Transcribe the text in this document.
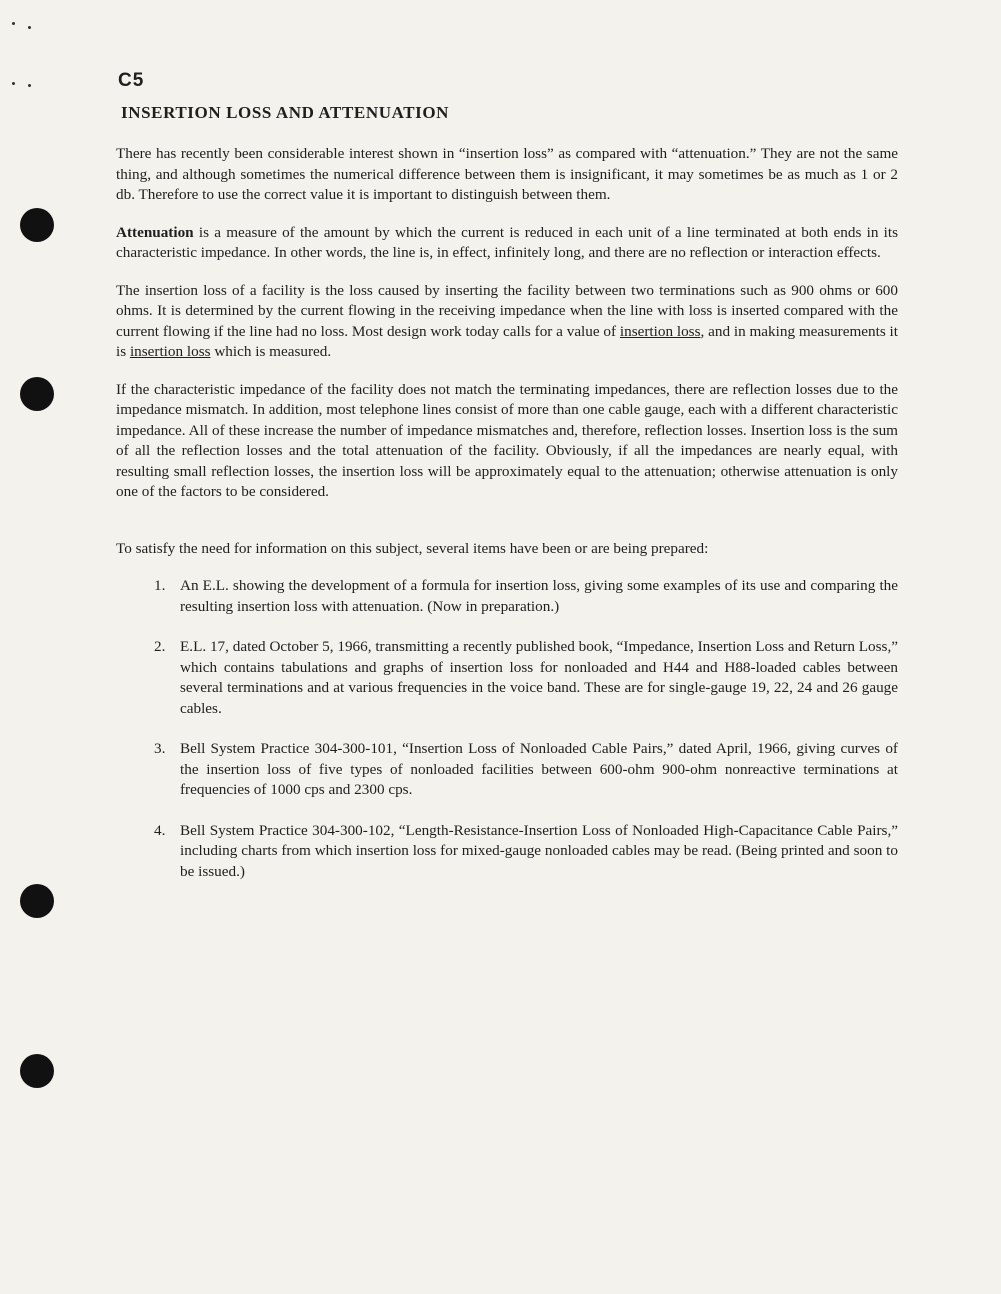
C5
INSERTION LOSS AND ATTENUATION

There has recently been considerable interest shown in “insertion loss” as compared with “attenuation.” They are not the same thing, and although sometimes the numerical difference between them is insignificant, it may sometimes be as much as 1 or 2 db. Therefore to use the correct value it is important to distinguish between them.

Attenuation is a measure of the amount by which the current is reduced in each unit of a line terminated at both ends in its characteristic impedance. In other words, the line is, in effect, infinitely long, and there are no reflection or interaction effects.

The insertion loss of a facility is the loss caused by inserting the facility between two terminations such as 900 ohms or 600 ohms. It is determined by the current flowing in the receiving impedance when the line with loss is inserted compared with the current flowing if the line had no loss. Most design work today calls for a value of insertion loss, and in making measurements it is insertion loss which is measured.

If the characteristic impedance of the facility does not match the terminating impedances, there are reflection losses due to the impedance mismatch. In addition, most telephone lines consist of more than one cable gauge, each with a different characteristic impedance. All of these increase the number of impedance mismatches and, therefore, reflection losses. Insertion loss is the sum of all the reflection losses and the total attenuation of the facility. Obviously, if all the impedances are nearly equal, with resulting small reflection losses, the insertion loss will be approximately equal to the attenuation; otherwise attenuation is only one of the factors to be considered.

To satisfy the need for information on this subject, several items have been or are being prepared:

1. An E.L. showing the development of a formula for insertion loss, giving some examples of its use and comparing the resulting insertion loss with attenuation. (Now in preparation.)
2. E.L. 17, dated October 5, 1966, transmitting a recently published book, “Impedance, Insertion Loss and Return Loss,” which contains tabulations and graphs of insertion loss for nonloaded and H44 and H88-loaded cables between several terminations and at various frequencies in the voice band. These are for single-gauge 19, 22, 24 and 26 gauge cables.
3. Bell System Practice 304-300-101, “Insertion Loss of Nonloaded Cable Pairs,” dated April, 1966, giving curves of the insertion loss of five types of nonloaded facilities between 600-ohm 900-ohm nonreactive terminations at frequencies of 1000 cps and 2300 cps.
4. Bell System Practice 304-300-102, “Length-Resistance-Insertion Loss of Nonloaded High-Capacitance Cable Pairs,” including charts from which insertion loss for mixed-gauge nonloaded cables may be read. (Being printed and soon to be issued.)
